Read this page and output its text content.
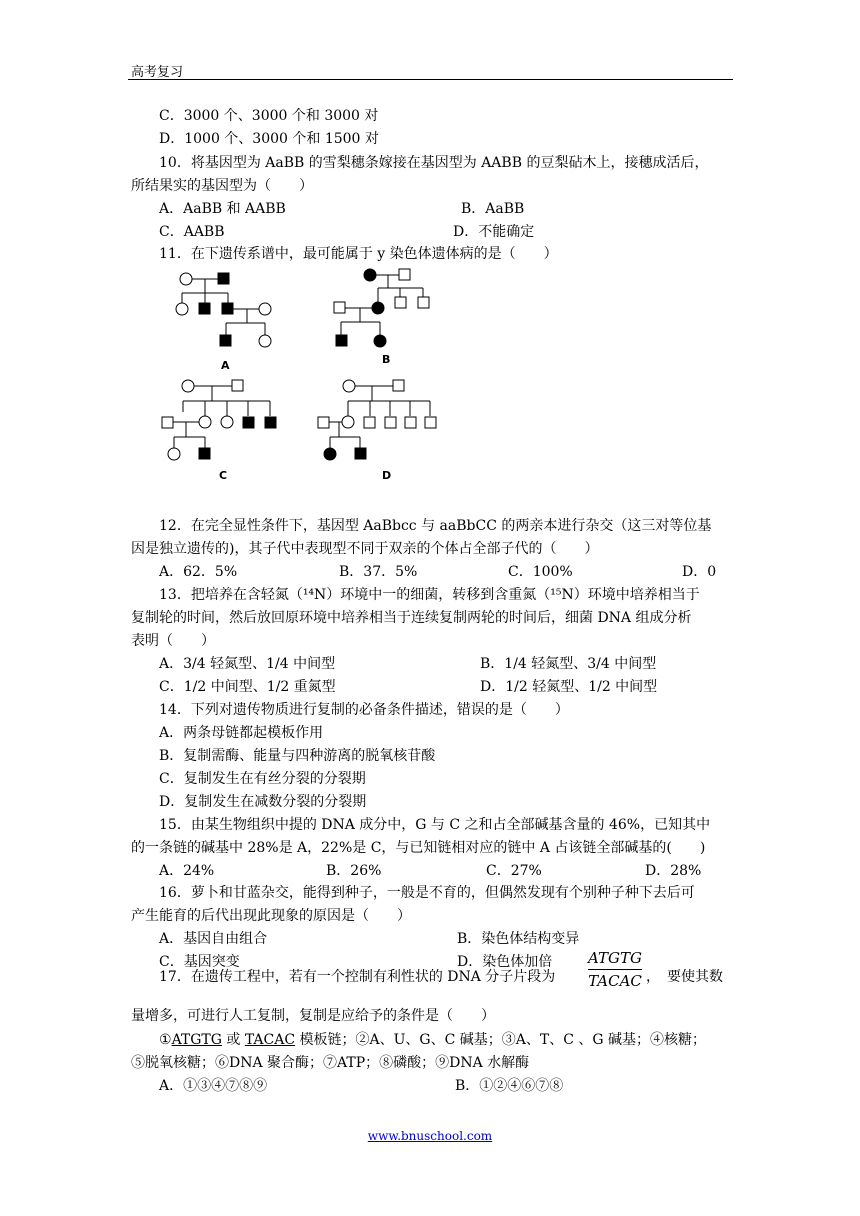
高考复习
C．3000 个、3000 个和 3000 对
D．1000 个、3000 个和 1500 对
10．将基因型为 AaBB 的雪梨穗条嫁接在基因型为 AABB 的豆梨砧木上，接穗成活后，
所结果实的基因型为（　　）
A．AaBB 和 AABB	B．AaBB
C．AABB	D．不能确定
11．在下遗传系谱中，最可能属于 y 染色体遗体病的是（　　）
A	B
C	D
12．在完全显性条件下，基因型 AaBbcc 与 aaBbCC 的两亲本进行杂交（这三对等位基
因是独立遗传的)，其子代中表现型不同于双亲的个体占全部子代的（　　）
A．62．5%	B．37．5%	C．100%	D．0
13．把培养在含轻氮（¹⁴N）环境中一的细菌，转移到含重氮（¹⁵N）环境中培养相当于
复制轮的时间，然后放回原环境中培养相当于连续复制两轮的时间后，细菌 DNA 组成分析
表明（　　）
A．3/4 轻氮型、1/4 中间型	B．1/4 轻氮型、3/4 中间型
C．1/2 中间型、1/2 重氮型	D．1/2 轻氮型、1/2 中间型
14．下列对遗传物质进行复制的必备条件描述，错误的是（　　）
A．两条母链都起模板作用
B．复制需酶、能量与四种游离的脱氧核苷酸
C．复制发生在有丝分裂的分裂期
D．复制发生在减数分裂的分裂期
15．由某生物组织中提的 DNA 成分中，G 与 C 之和占全部碱基含量的 46%，已知其中
的一条链的碱基中 28%是 A，22%是 C，与已知链相对应的链中 A 占该链全部碱基的(　　)
A．24%	B．26%	C．27%	D．28%
16．萝卜和甘蓝杂交，能得到种子，一般是不育的，但偶然发现有个别种子种下去后可
产生能育的后代出现此现象的原因是（　　）
A．基因自由组合	B．染色体结构变异
C．基因突变	D．染色体加倍
17．在遗传工程中，若有一个控制有利性状的 DNA 分子片段为
ATGTG
TACAC ，　要使其数
量增多，可进行人工复制，复制是应给予的条件是（　　）
①ATGTG 或 TACAC 模板链；②A、U、G、C 碱基；③A、T、C 、G 碱基；④核糖；
⑤脱氧核糖；⑥DNA 聚合酶；⑦ATP；⑧磷酸；⑨DNA 水解酶
A．①③④⑦⑧⑨	B．①②④⑥⑦⑧
www.bnuschool.com
